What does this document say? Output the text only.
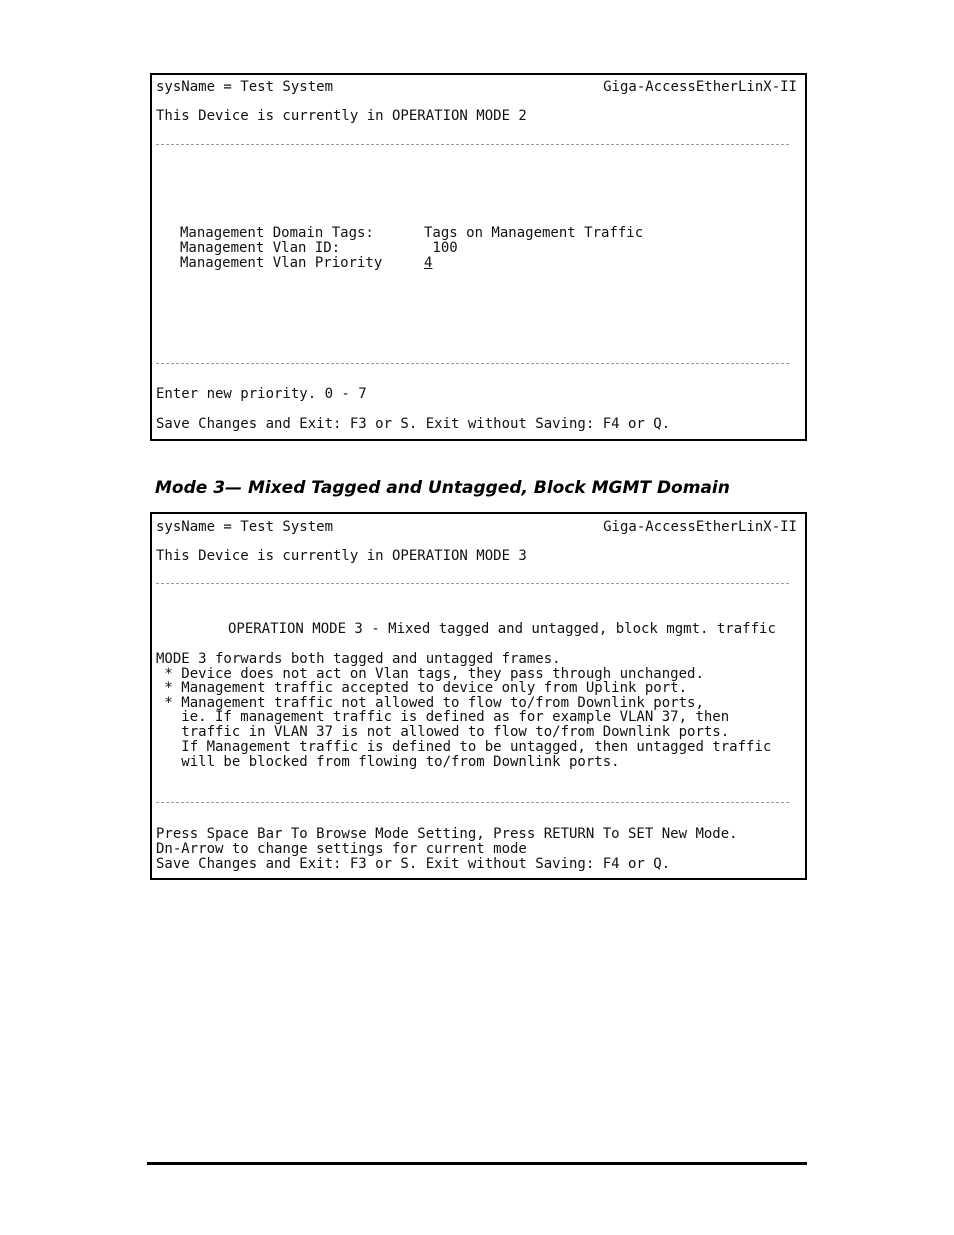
sysName = Test System	Giga-AccessEtherLinX-II
This Device is currently in OPERATION MODE 2
Management Domain Tags:	Tags on Management Traffic
Management Vlan ID:	100
Management Vlan Priority	4
Enter new priority. 0 - 7
Save Changes and Exit: F3 or S. Exit without Saving: F4 or Q.
Mode 3— Mixed Tagged and Untagged, Block MGMT Domain
sysName = Test System	Giga-AccessEtherLinX-II
This Device is currently in OPERATION MODE 3
OPERATION MODE 3 - Mixed tagged and untagged, block mgmt. traffic
MODE 3 forwards both tagged and untagged frames.
* Device does not act on Vlan tags, they pass through unchanged.
* Management traffic accepted to device only from Uplink port.
* Management traffic not allowed to flow to/from Downlink ports,
ie. If management traffic is defined as for example VLAN 37, then
traffic in VLAN 37 is not allowed to flow to/from Downlink ports.
If Management traffic is defined to be untagged, then untagged traffic
will be blocked from flowing to/from Downlink ports.
Press Space Bar To Browse Mode Setting, Press RETURN To SET New Mode.
Dn-Arrow to change settings for current mode
Save Changes and Exit: F3 or S. Exit without Saving: F4 or Q.
